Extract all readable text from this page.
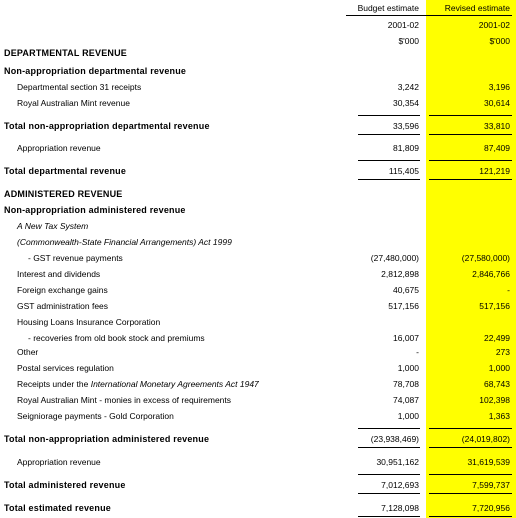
Budget estimate	Revised estimate
2001-02	2001-02
$'000	$'000
DEPARTMENTAL REVENUE
Non-appropriation departmental revenue
Departmental section 31 receipts	3,242	3,196
Royal Australian Mint revenue	30,354	30,614
Total non-appropriation departmental revenue	33,596	33,810
Appropriation revenue	81,809	87,409
Total departmental revenue	115,405	121,219
ADMINISTERED REVENUE
Non-appropriation administered revenue
A New Tax System
(Commonwealth-State Financial Arrangements) Act 1999
- GST revenue payments	(27,480,000)	(27,580,000)
Interest and dividends	2,812,898	2,846,766
Foreign exchange gains	40,675	-
GST administration fees	517,156	517,156
Housing Loans Insurance Corporation
- recoveries from old book stock and premiums	16,007	22,499
Other	-	273
Postal services regulation	1,000	1,000
Receipts under the International Monetary Agreements Act 1947	78,708	68,743
Royal Australian Mint - monies in excess of requirements	74,087	102,398
Seigniorage payments - Gold Corporation	1,000	1,363
Total non-appropriation administered revenue	(23,938,469)	(24,019,802)
Appropriation revenue	30,951,162	31,619,539
Total administered revenue	7,012,693	7,599,737
Total estimated revenue	7,128,098	7,720,956
